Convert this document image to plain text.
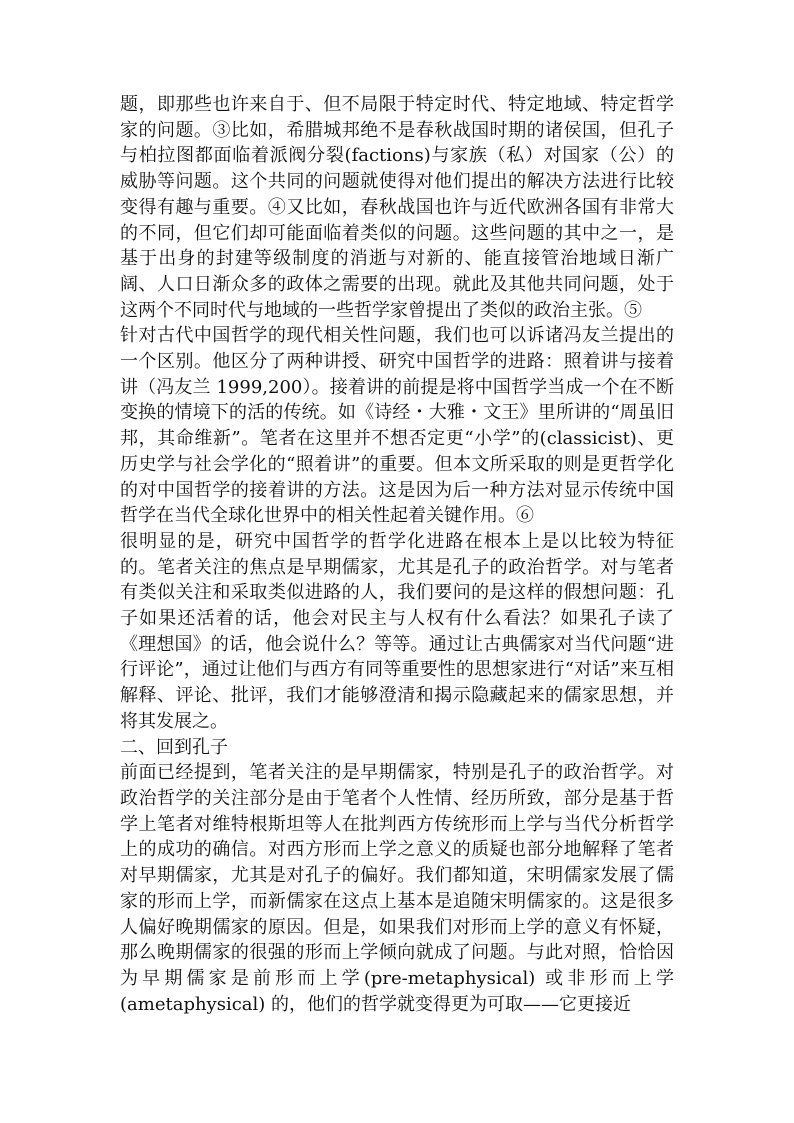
题，即那些也许来自于、但不局限于特定时代、特定地域、特定哲学家的问题。③比如，希腊城邦绝不是春秋战国时期的诸侯国，但孔子与柏拉图都面临着派阀分裂(factions)与家族（私）对国家（公）的威胁等问题。这个共同的问题就使得对他们提出的解决方法进行比较变得有趣与重要。④又比如，春秋战国也许与近代欧洲各国有非常大的不同，但它们却可能面临着类似的问题。这些问题的其中之一，是基于出身的封建等级制度的消逝与对新的、能直接管治地域日渐广阔、人口日渐众多的政体之需要的出现。就此及其他共同问题，处于这两个不同时代与地域的一些哲学家曾提出了类似的政治主张。⑤

针对古代中国哲学的现代相关性问题，我们也可以诉诸冯友兰提出的一个区别。他区分了两种讲授、研究中国哲学的进路：照着讲与接着讲（冯友兰 1999,200）。接着讲的前提是将中国哲学当成一个在不断变换的情境下的活的传统。如《诗经・大雅・文王》里所讲的“周虽旧邦，其命维新”。笔者在这里并不想否定更“小学”的(classicist)、更历史学与社会学化的“照着讲”的重要。但本文所采取的则是更哲学化的对中国哲学的接着讲的方法。这是因为后一种方法对显示传统中国哲学在当代全球化世界中的相关性起着关键作用。⑥

很明显的是，研究中国哲学的哲学化进路在根本上是以比较为特征的。笔者关注的焦点是早期儒家，尤其是孔子的政治哲学。对与笔者有类似关注和采取类似进路的人，我们要问的是这样的假想问题：孔子如果还活着的话，他会对民主与人权有什么看法？如果孔子读了《理想国》的话，他会说什么？等等。通过让古典儒家对当代问题“进行评论”，通过让他们与西方有同等重要性的思想家进行“对话”来互相解释、评论、批评，我们才能够澄清和揭示隐藏起来的儒家思想，并将其发展之。

二、回到孔子

前面已经提到，笔者关注的是早期儒家，特别是孔子的政治哲学。对政治哲学的关注部分是由于笔者个人性情、经历所致，部分是基于哲学上笔者对维特根斯坦等人在批判西方传统形而上学与当代分析哲学上的成功的确信。对西方形而上学之意义的质疑也部分地解释了笔者对早期儒家，尤其是对孔子的偏好。我们都知道，宋明儒家发展了儒家的形而上学，而新儒家在这点上基本是追随宋明儒家的。这是很多人偏好晚期儒家的原因。但是，如果我们对形而上学的意义有怀疑，那么晚期儒家的很强的形而上学倾向就成了问题。与此对照，恰恰因为早期儒家是前形而上学(pre-metaphysical) 或非形而上学(ametaphysical) 的，他们的哲学就变得更为可取——它更接近
